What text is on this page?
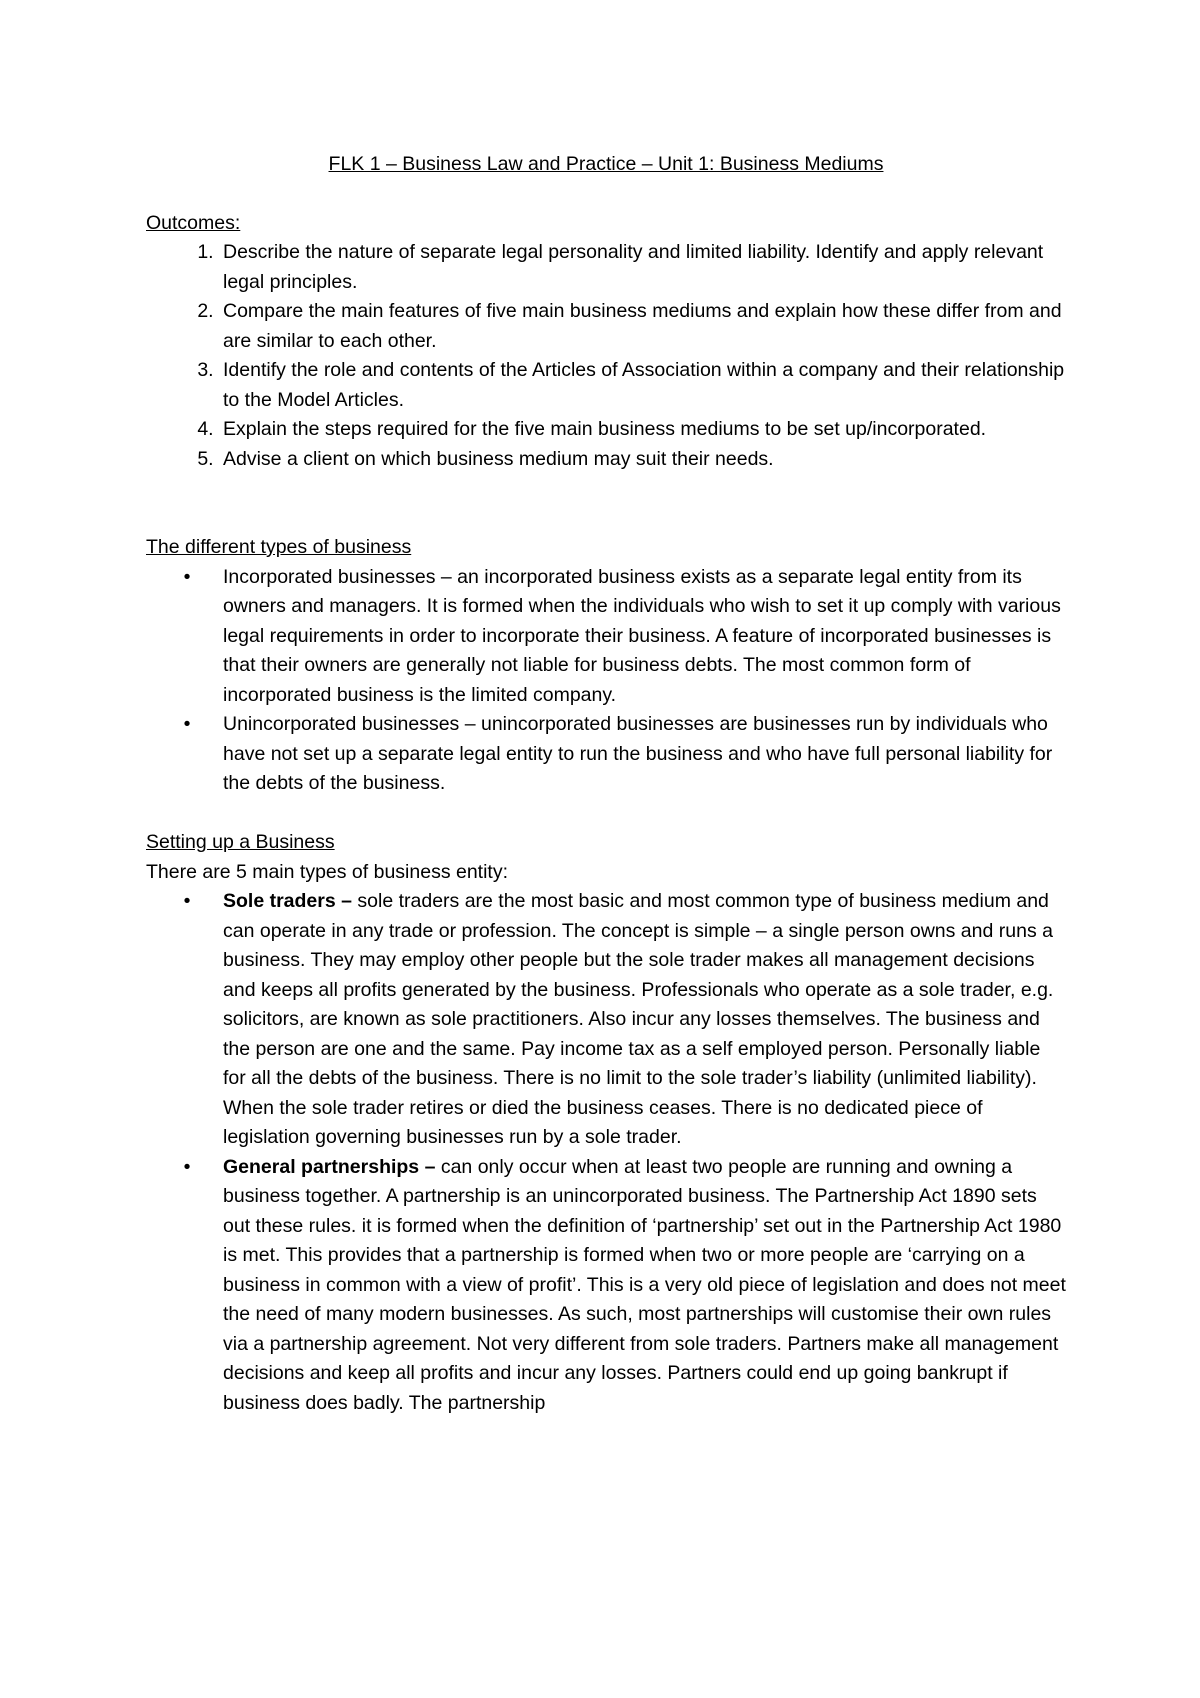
FLK 1 – Business Law and Practice – Unit 1: Business Mediums
Outcomes:
1. Describe the nature of separate legal personality and limited liability. Identify and apply relevant legal principles.
2. Compare the main features of five main business mediums and explain how these differ from and are similar to each other.
3. Identify the role and contents of the Articles of Association within a company and their relationship to the Model Articles.
4. Explain the steps required for the five main business mediums to be set up/incorporated.
5. Advise a client on which business medium may suit their needs.
The different types of business
•	Incorporated businesses – an incorporated business exists as a separate legal entity from its owners and managers. It is formed when the individuals who wish to set it up comply with various legal requirements in order to incorporate their business. A feature of incorporated businesses is that their owners are generally not liable for business debts. The most common form of incorporated business is the limited company.
•	Unincorporated businesses – unincorporated businesses are businesses run by individuals who have not set up a separate legal entity to run the business and who have full personal liability for the debts of the business.
Setting up a Business

There are 5 main types of business entity:

•	Sole traders – sole traders are the most basic and most common type of business medium and can operate in any trade or profession. The concept is simple – a single person owns and runs a business. They may employ other people but the sole trader makes all management decisions and keeps all profits generated by the business. Professionals who operate as a sole trader, e.g. solicitors, are known as sole practitioners. Also incur any losses themselves. The business and the person are one and the same. Pay income tax as a self employed person. Personally liable for all the debts of the business. There is no limit to the sole trader’s liability (unlimited liability). When the sole trader retires or died the business ceases. There is no dedicated piece of legislation governing businesses run by a sole trader.
•	General partnerships – can only occur when at least two people are running and owning a business together. A partnership is an unincorporated business. The Partnership Act 1890 sets out these rules. it is formed when the definition of ‘partnership’ set out in the Partnership Act 1980 is met. This provides that a partnership is formed when two or more people are ‘carrying on a business in common with a view of profit’. This is a very old piece of legislation and does not meet the need of many modern businesses. As such, most partnerships will customise their own rules via a partnership agreement. Not very different from sole traders. Partners make all management decisions and keep all profits and incur any losses. Partners could end up going bankrupt if business does badly. The partnership
